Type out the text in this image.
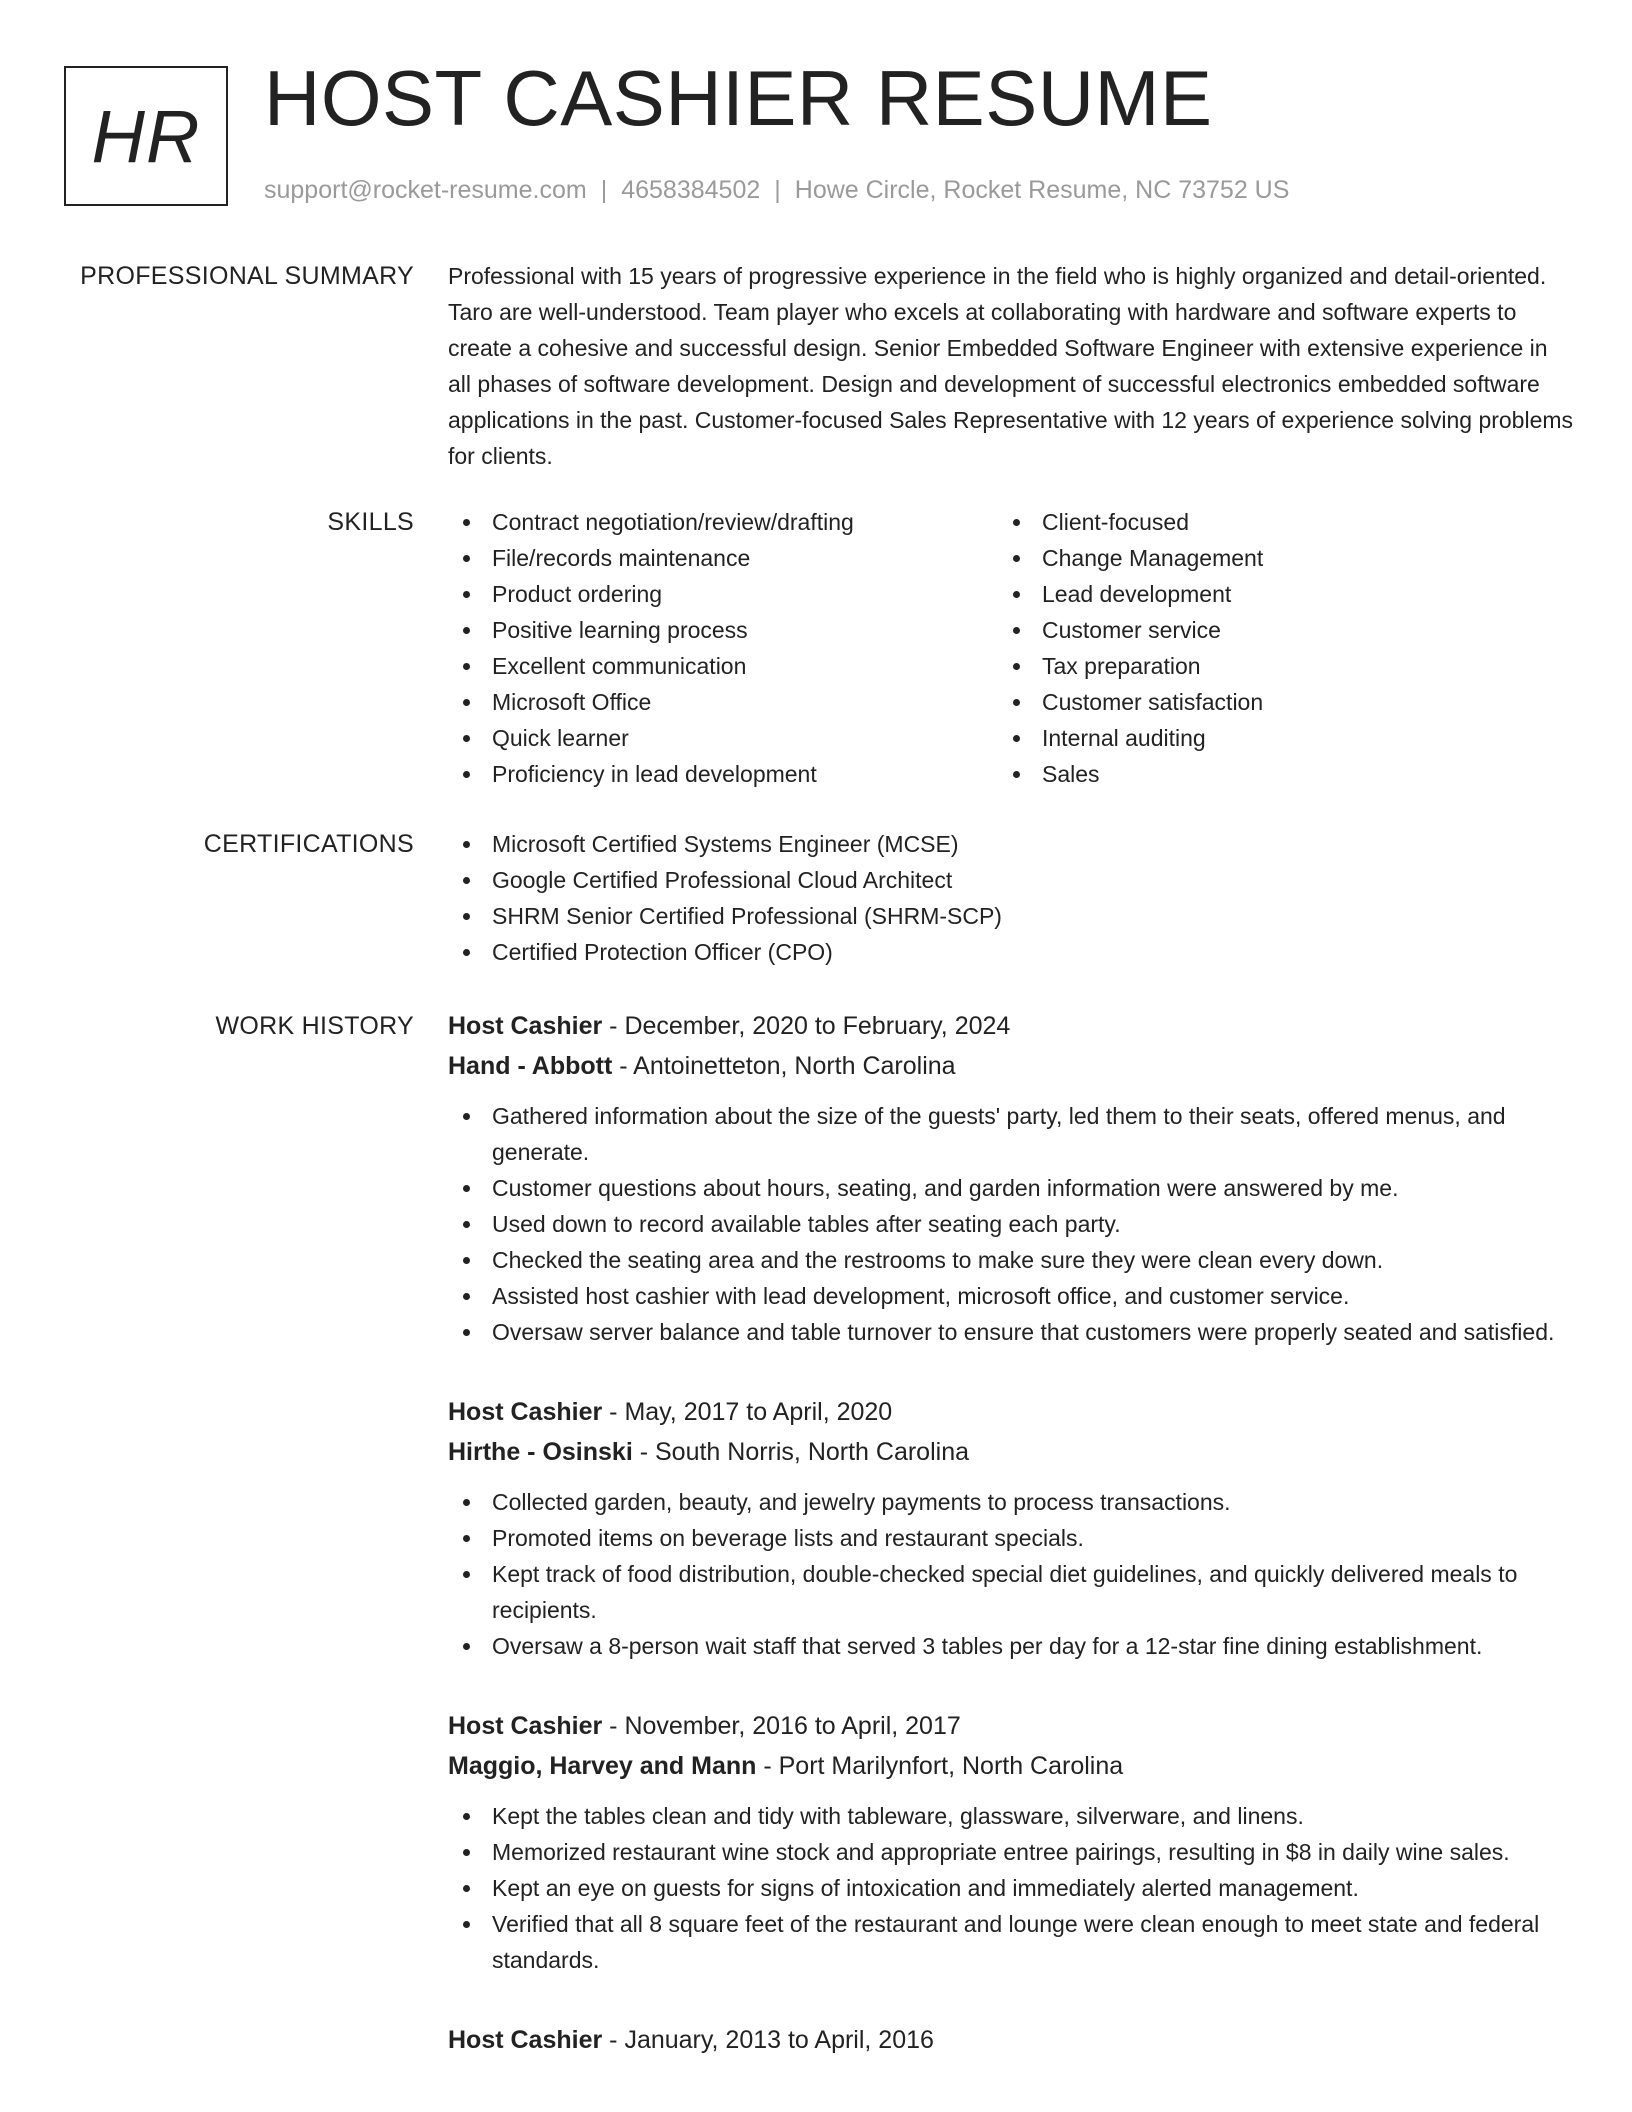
HR HOST CASHIER RESUME
support@rocket-resume.com | 4658384502 | Howe Circle, Rocket Resume, NC 73752 US
PROFESSIONAL SUMMARY Professional with 15 years of progressive experience in the field who is highly organized and detail-oriented. Taro are well-understood. Team player who excels at collaborating with hardware and software experts to create a cohesive and successful design. Senior Embedded Software Engineer with extensive experience in all phases of software development. Design and development of successful electronics embedded software applications in the past. Customer-focused Sales Representative with 12 years of experience solving problems for clients.

SKILLS	Contract negotiation/review/drafting
File/records maintenance
Product ordering
Positive learning process
Excellent communication
Microsoft Office
Quick learner
Proficiency in lead development
Client-focused
Change Management
Lead development
Customer service
Tax preparation
Customer satisfaction
Internal auditing
Sales
CERTIFICATIONS	Microsoft Certified Systems Engineer (MCSE)
Google Certified Professional Cloud Architect
SHRM Senior Certified Professional (SHRM-SCP)
Certified Protection Officer (CPO)
WORK HISTORY Host Cashier - December, 2020 to February, 2024
Hand - Abbott - Antoinetteton, North Carolina
Gathered information about the size of the guests' party, led them to their seats, offered menus, and generate.
Customer questions about hours, seating, and garden information were answered by me.
Used down to record available tables after seating each party.
Checked the seating area and the restrooms to make sure they were clean every down.
Assisted host cashier with lead development, microsoft office, and customer service.
Oversaw server balance and table turnover to ensure that customers were properly seated and satisfied.
Host Cashier - May, 2017 to April, 2020
Hirthe - Osinski - South Norris, North Carolina
Collected garden, beauty, and jewelry payments to process transactions.
Promoted items on beverage lists and restaurant specials.
Kept track of food distribution, double-checked special diet guidelines, and quickly delivered meals to recipients.
Oversaw a 8-person wait staff that served 3 tables per day for a 12-star fine dining establishment.
Host Cashier - November, 2016 to April, 2017
Maggio, Harvey and Mann - Port Marilynfort, North Carolina
Kept the tables clean and tidy with tableware, glassware, silverware, and linens.
Memorized restaurant wine stock and appropriate entree pairings, resulting in $8 in daily wine sales.
Kept an eye on guests for signs of intoxication and immediately alerted management.
Verified that all 8 square feet of the restaurant and lounge were clean enough to meet state and federal standards.
Host Cashier - January, 2013 to April, 2016
